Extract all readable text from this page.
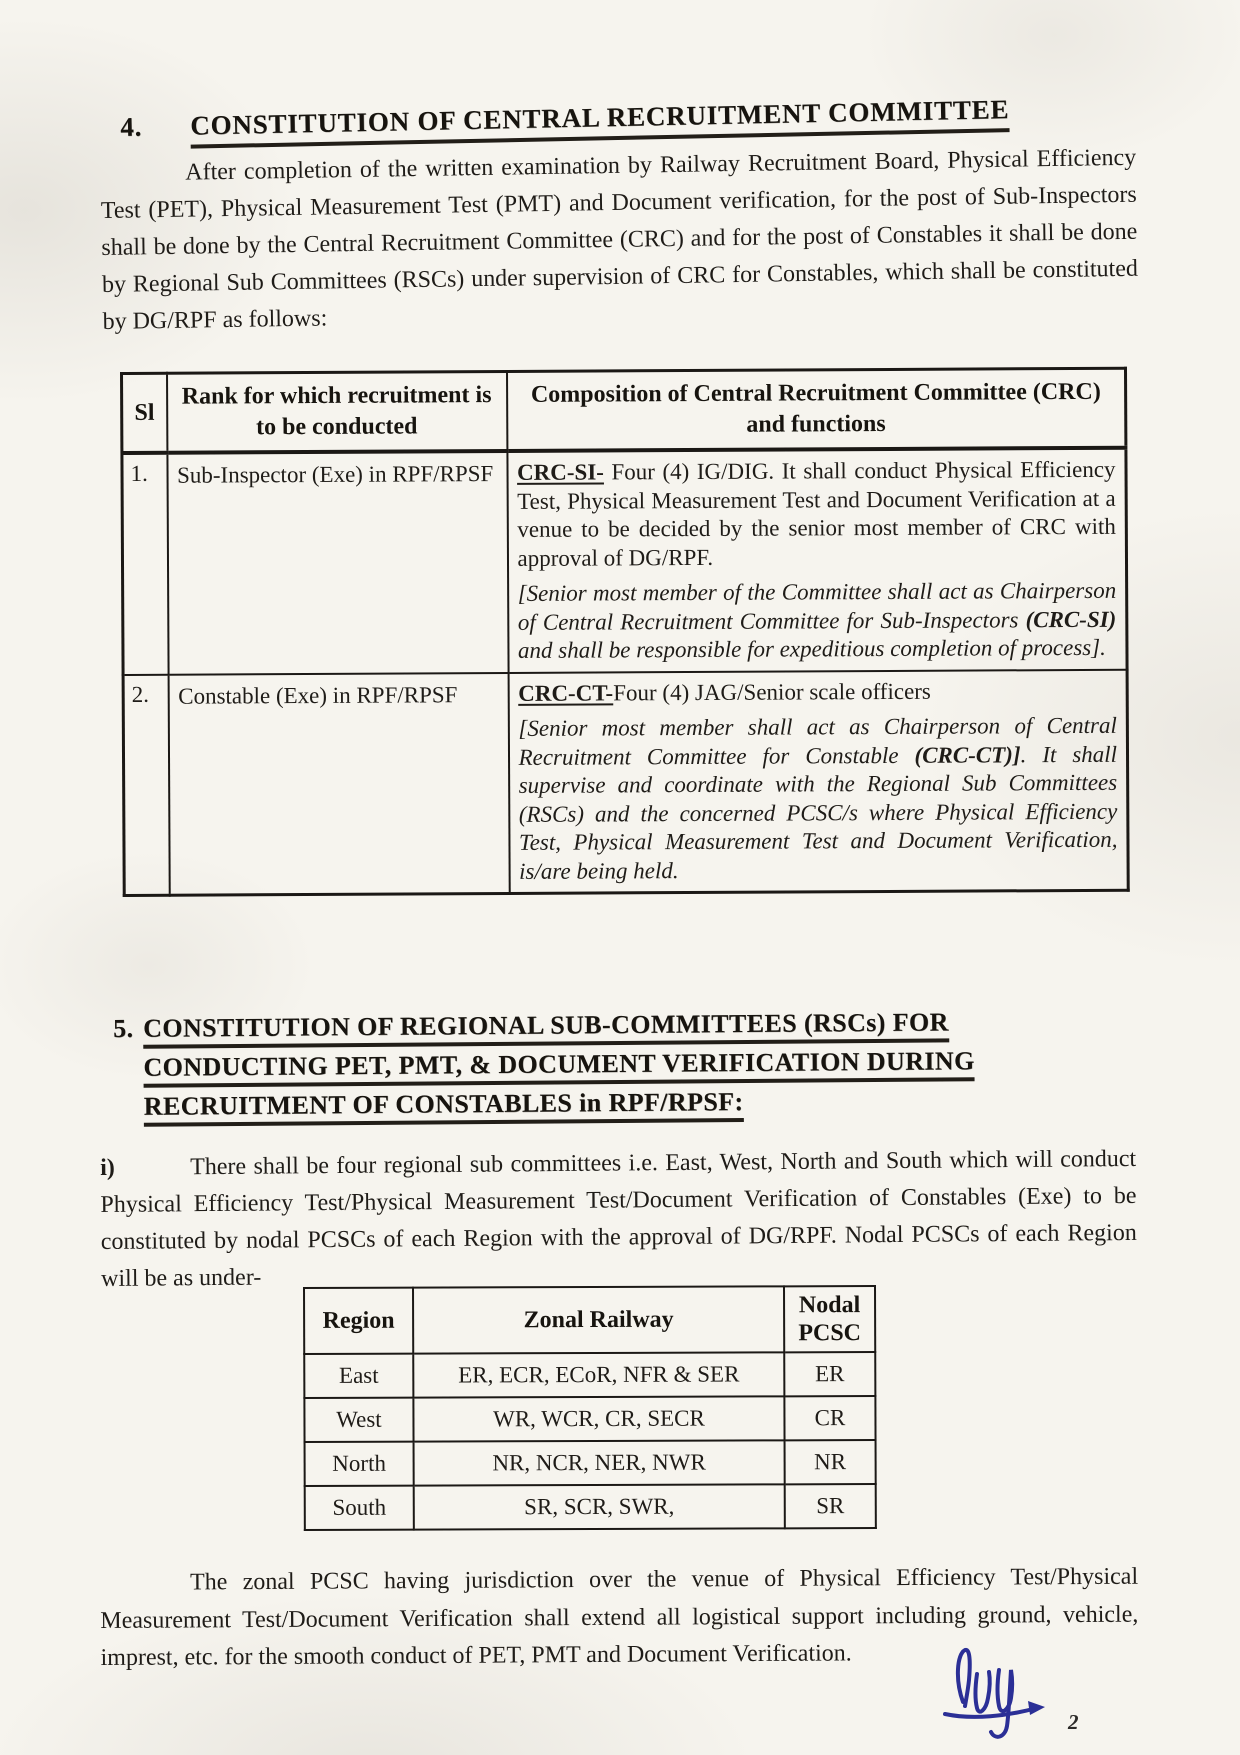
4. CONSTITUTION OF CENTRAL RECRUITMENT COMMITTEE

After completion of the written examination by Railway Recruitment Board, Physical Efficiency Test (PET), Physical Measurement Test (PMT) and Document verification, for the post of Sub-Inspectors shall be done by the Central Recruitment Committee (CRC) and for the post of Constables it shall be done by Regional Sub Committees (RSCs) under supervision of CRC for Constables, which shall be constituted by DG/RPF as follows:

Sl	Rank for which recruitment is to be conducted	Composition of Central Recruitment Committee (CRC) and functions
1.	Sub-Inspector (Exe) in RPF/RPSF	CRC-SI- Four (4) IG/DIG. It shall conduct Physical Efficiency Test, Physical Measurement Test and Document Verification at a venue to be decided by the senior most member of CRC with approval of DG/RPF.

[Senior most member of the Committee shall act as Chairperson of Central Recruitment Committee for Sub-Inspectors (CRC-SI) and shall be responsible for expeditious completion of process].

2.	Constable (Exe) in RPF/RPSF	CRC-CT-Four (4) JAG/Senior scale officers

[Senior most member shall act as Chairperson of Central Recruitment Committee for Constable (CRC-CT)]. It shall supervise and coordinate with the Regional Sub Committees (RSCs) and the concerned PCSC/s where Physical Efficiency Test, Physical Measurement Test and Document Verification, is/are being held.

5. CONSTITUTION OF REGIONAL SUB-COMMITTEES (RSCs) FOR
CONDUCTING PET, PMT, & DOCUMENT VERIFICATION DURING
RECRUITMENT OF CONSTABLES in RPF/RPSF:

i)	There shall be four regional sub committees i.e. East, West, North and South which will conduct Physical Efficiency Test/Physical Measurement Test/Document Verification of Constables (Exe) to be constituted by nodal PCSCs of each Region with the approval of DG/RPF. Nodal PCSCs of each Region will be as under-

Region	Zonal Railway	Nodal PCSC
East	ER, ECR, ECoR, NFR & SER	ER
West	WR, WCR, CR, SECR	CR
North	NR, NCR, NER, NWR	NR
South	SR, SCR, SWR,	SR

The zonal PCSC having jurisdiction over the venue of Physical Efficiency Test/Physical Measurement Test/Document Verification shall extend all logistical support including ground, vehicle, imprest, etc. for the smooth conduct of PET, PMT and Document Verification.

2
